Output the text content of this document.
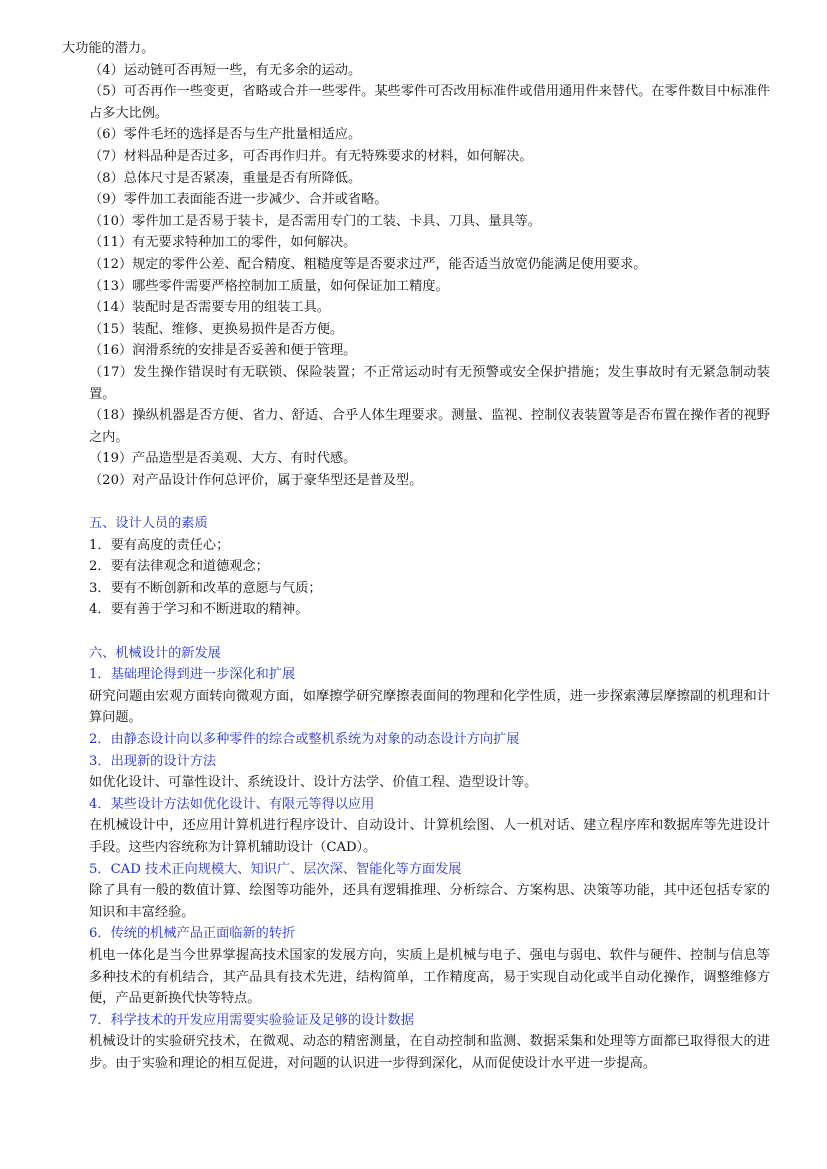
大功能的潜力。
（4）运动链可否再短一些，有无多余的运动。
（5）可否再作一些变更，省略或合并一些零件。某些零件可否改用标准件或借用通用件来替代。在零件数目中标准件占多大比例。
（6）零件毛坯的选择是否与生产批量相适应。
（7）材料品种是否过多，可否再作归并。有无特殊要求的材料，如何解决。
（8）总体尺寸是否紧凑，重量是否有所降低。
（9）零件加工表面能否进一步减少、合并或省略。
（10）零件加工是否易于装卡，是否需用专门的工装、卡具、刀具、量具等。
（11）有无要求特种加工的零件，如何解决。
（12）规定的零件公差、配合精度、粗糙度等是否要求过严，能否适当放宽仍能满足使用要求。
（13）哪些零件需要严格控制加工质量，如何保证加工精度。
（14）装配时是否需要专用的组装工具。
（15）装配、维修、更换易损件是否方便。
（16）润滑系统的安排是否妥善和便于管理。
（17）发生操作错误时有无联锁、保险装置；不正常运动时有无预警或安全保护措施；发生事故时有无紧急制动装置。
（18）操纵机器是否方便、省力、舒适、合乎人体生理要求。测量、监视、控制仪表装置等是否布置在操作者的视野之内。
（19）产品造型是否美观、大方、有时代感。
（20）对产品设计作何总评价，属于豪华型还是普及型。
五、设计人员的素质
1．要有高度的责任心；
2．要有法律观念和道德观念；
3．要有不断创新和改革的意愿与气质；
4．要有善于学习和不断进取的精神。
六、机械设计的新发展
1．基础理论得到进一步深化和扩展
研究问题由宏观方面转向微观方面，如摩擦学研究摩擦表面间的物理和化学性质，进一步探索薄层摩擦副的机理和计算问题。
2．由静态设计向以多种零件的综合或整机系统为对象的动态设计方向扩展
3．出现新的设计方法
如优化设计、可靠性设计、系统设计、设计方法学、价值工程、造型设计等。
4．某些设计方法如优化设计、有限元等得以应用
在机械设计中，还应用计算机进行程序设计、自动设计、计算机绘图、人一机对话、建立程序库和数据库等先进设计手段。这些内容统称为计算机辅助设计（CAD）。
5．CAD 技术正向规模大、知识广、层次深、智能化等方面发展
除了具有一般的数值计算、绘图等功能外，还具有逻辑推理、分析综合、方案构思、决策等功能，其中还包括专家的知识和丰富经验。
6．传统的机械产品正面临新的转折
机电一体化是当今世界掌握高技术国家的发展方向，实质上是机械与电子、强电与弱电、软件与硬件、控制与信息等多种技术的有机结合，其产品具有技术先进，结构简单，工作精度高，易于实现自动化或半自动化操作，调整维修方便，产品更新换代快等特点。
7．科学技术的开发应用需要实验验证及足够的设计数据
机械设计的实验研究技术，在微观、动态的精密测量，在自动控制和监测、数据采集和处理等方面都已取得很大的进步。由于实验和理论的相互促进，对问题的认识进一步得到深化，从而促使设计水平进一步提高。
